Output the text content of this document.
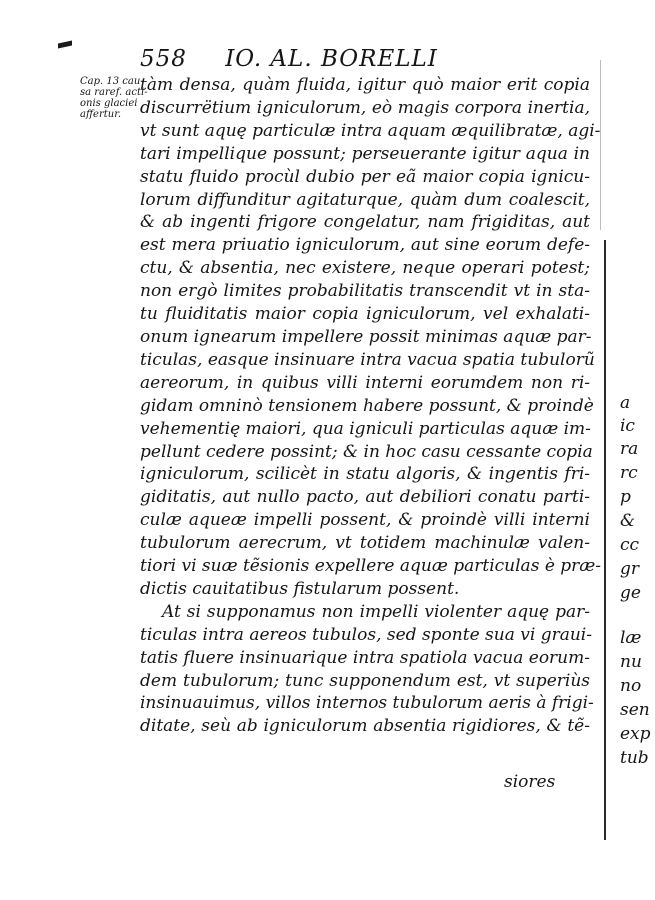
558 IO. AL. BORELLI
Cap. 13 cau-
sa raref. acti-
onis glaciei
affertur.
tàm densa, quàm fluida, igitur quò maior erit copia
discurrëtium igniculorum, eò magis corpora inertia,
vt sunt aquę particulæ intra aquam æquilibratæ, agi-
tari impellique possunt; perseuerante igitur aqua in
statu fluido procùl dubio per eã maior copia ignicu-
lorum diffunditur agitaturque, quàm dum coalescit,
& ab ingenti frigore congelatur, nam frigiditas, aut
est mera priuatio igniculorum, aut sine eorum defe-
ctu, & absentia, nec existere, neque operari potest;
non ergò limites probabilitatis transcendit vt in sta-
tu fluiditatis maior copia igniculorum, vel exhalati-
onum ignearum impellere possit minimas aquæ par-
ticulas, easque insinuare intra vacua spatia tubulorũ
aereorum, in quibus villi interni eorumdem non ri-
gidam omninò tensionem habere possunt, & proindè
vehementię maiori, qua igniculi particulas aquæ im-
pellunt cedere possint; & in hoc casu cessante copia
igniculorum, scilicèt in statu algoris, & ingentis fri-
giditatis, aut nullo pacto, aut debiliori conatu parti-
culæ aqueæ impelli possent, & proindè villi interni
tubulorum aerecrum, vt totidem machinulæ valen-
tiori vi suæ tẽsionis expellere aquæ particulas è præ-
dictis cauitatibus fistularum possent.
At si supponamus non impelli violenter aquę par-
ticulas intra aereos tubulos, sed sponte sua vi graui-
tatis fluere insinuarique intra spatiola vacua eorum-
dem tubulorum; tunc supponendum est, vt superiùs
insinuauimus, villos internos tubulorum aeris à frigi-
ditate, seù ab igniculorum absentia rigidiores, & tẽ-
siores
a
ic
ra
rc
p
&
cc
gr
ge
læ
nu
no
sen
exp
tub
